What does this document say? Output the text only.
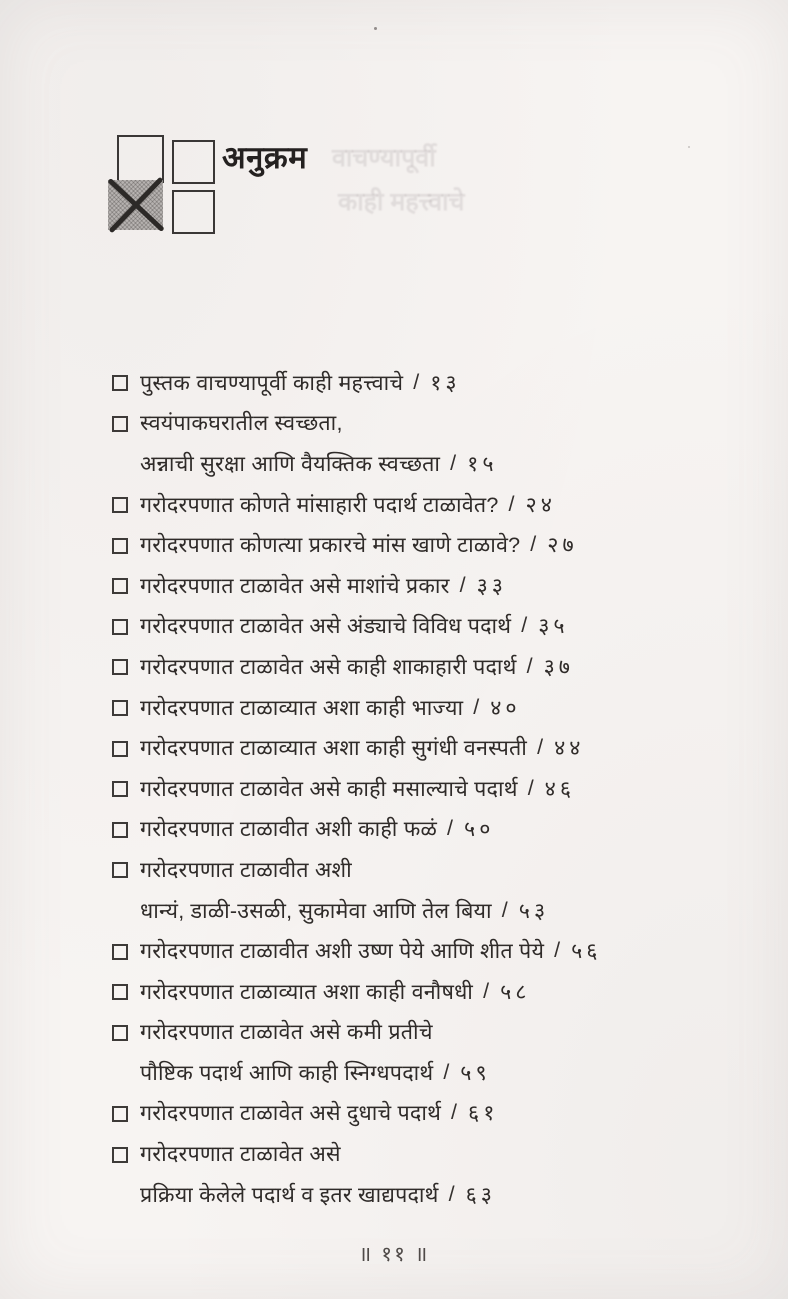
अनुक्रम वाचण्यापूर्वी
काही महत्त्वाचे
पुस्तक वाचण्यापूर्वी काही महत्त्वाचे / १३
स्वयंपाकघरातील स्वच्छता,
अन्नाची सुरक्षा आणि वैयक्तिक स्वच्छता / १५
गरोदरपणात कोणते मांसाहारी पदार्थ टाळावेत? / २४
गरोदरपणात कोणत्या प्रकारचे मांस खाणे टाळावे? / २७
गरोदरपणात टाळावेत असे माशांचे प्रकार / ३३
गरोदरपणात टाळावेत असे अंड्याचे विविध पदार्थ / ३५
गरोदरपणात टाळावेत असे काही शाकाहारी पदार्थ / ३७
गरोदरपणात टाळाव्यात अशा काही भाज्या / ४०
गरोदरपणात टाळाव्यात अशा काही सुगंधी वनस्पती / ४४
गरोदरपणात टाळावेत असे काही मसाल्याचे पदार्थ / ४६
गरोदरपणात टाळावीत अशी काही फळं / ५०
गरोदरपणात टाळावीत अशी
धान्यं, डाळी-उसळी, सुकामेवा आणि तेल बिया / ५३
गरोदरपणात टाळावीत अशी उष्ण पेये आणि शीत पेये / ५६
गरोदरपणात टाळाव्यात अशा काही वनौषधी / ५८
गरोदरपणात टाळावेत असे कमी प्रतीचे
पौष्टिक पदार्थ आणि काही स्निग्धपदार्थ / ५९
गरोदरपणात टाळावेत असे दुधाचे पदार्थ / ६१
गरोदरपणात टाळावेत असे
प्रक्रिया केलेले पदार्थ व इतर खाद्यपदार्थ / ६३
॥ ११ ॥
